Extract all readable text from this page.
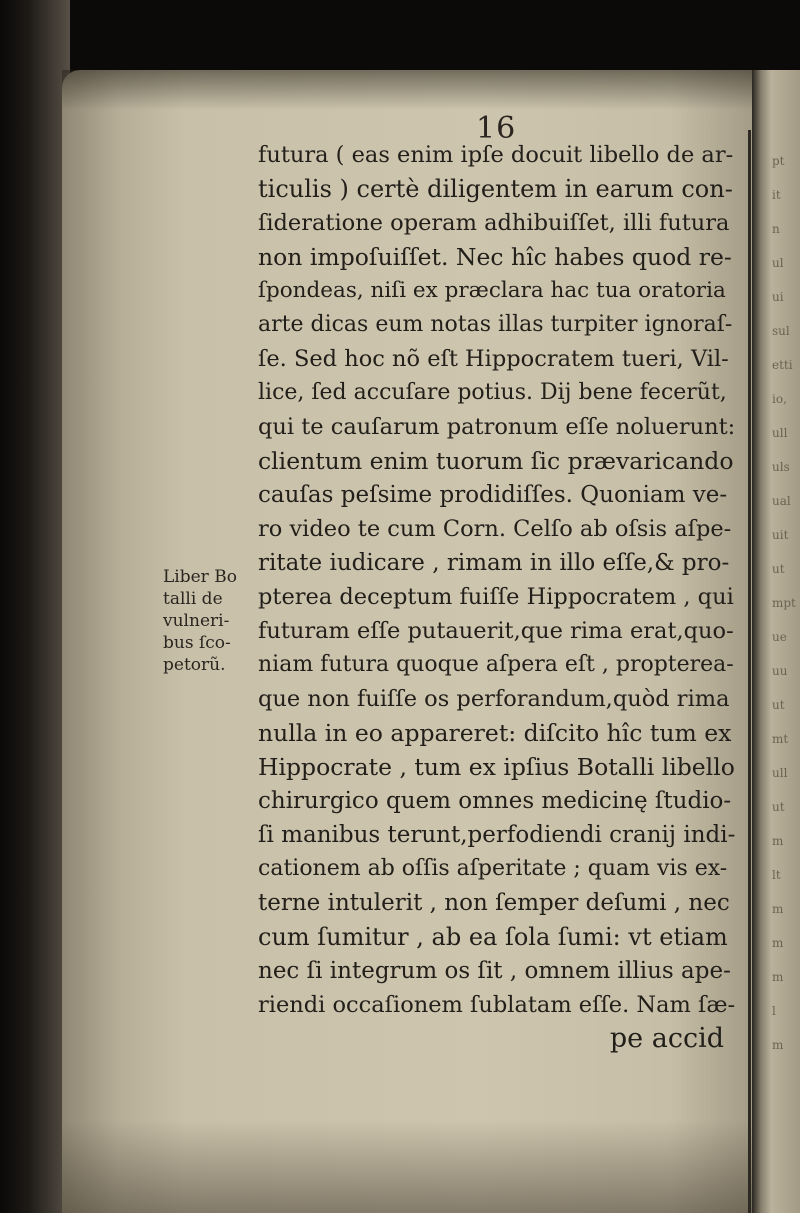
pt
it
n
ul
ui
sul
etti
io,
ull
uls
ual
uit
ut
mpt
ue
uu
ut
mt
ull
ut
m
lt
m
m
m
l
m
16
futura ( eas enim ipſe docuit libello de ar-
ticulis ) certè diligentem in earum con-
ſideratione operam adhibuiſſet, illi futura
non impoſuiſſet. Nec hîc habes quod re-
ſpondeas, niſi ex præclara hac tua oratoria
arte dicas eum notas illas turpiter ignoraſ-
ſe. Sed hoc nõ eſt Hippocratem tueri, Vil-
lice, ſed accuſare potius. Dij bene fecerũt,
qui te cauſarum patronum eſſe noluerunt:
clientum enim tuorum ſic prævaricando
cauſas peſsime prodidiſſes. Quoniam ve-
ro video te cum Corn. Celſo ab oſsis aſpe-
ritate iudicare , rimam in illo eſſe,& pro-
pterea deceptum fuiſſe Hippocratem , qui
futuram eſſe putauerit,que rima erat,quo-
niam futura quoque aſpera eſt , propterea-
que non fuiſſe os perforandum,quòd rima
nulla in eo appareret: diſcito hîc tum ex
Hippocrate , tum ex ipſius Botalli libello
chirurgico quem omnes medicinę ſtudio-
ſi manibus terunt,perfodiendi cranij indi-
cationem ab oſſis aſperitate ; quam vis ex-
terne intulerit , non ſemper deſumi , nec
cum ſumitur , ab ea ſola ſumi: vt etiam
nec ſi integrum os ſit , omnem illius ape-
riendi occaſionem ſublatam eſſe. Nam ſæ-
pe accid
Liber Bo
talli de
vulneri-
bus ſco-
petorũ.
